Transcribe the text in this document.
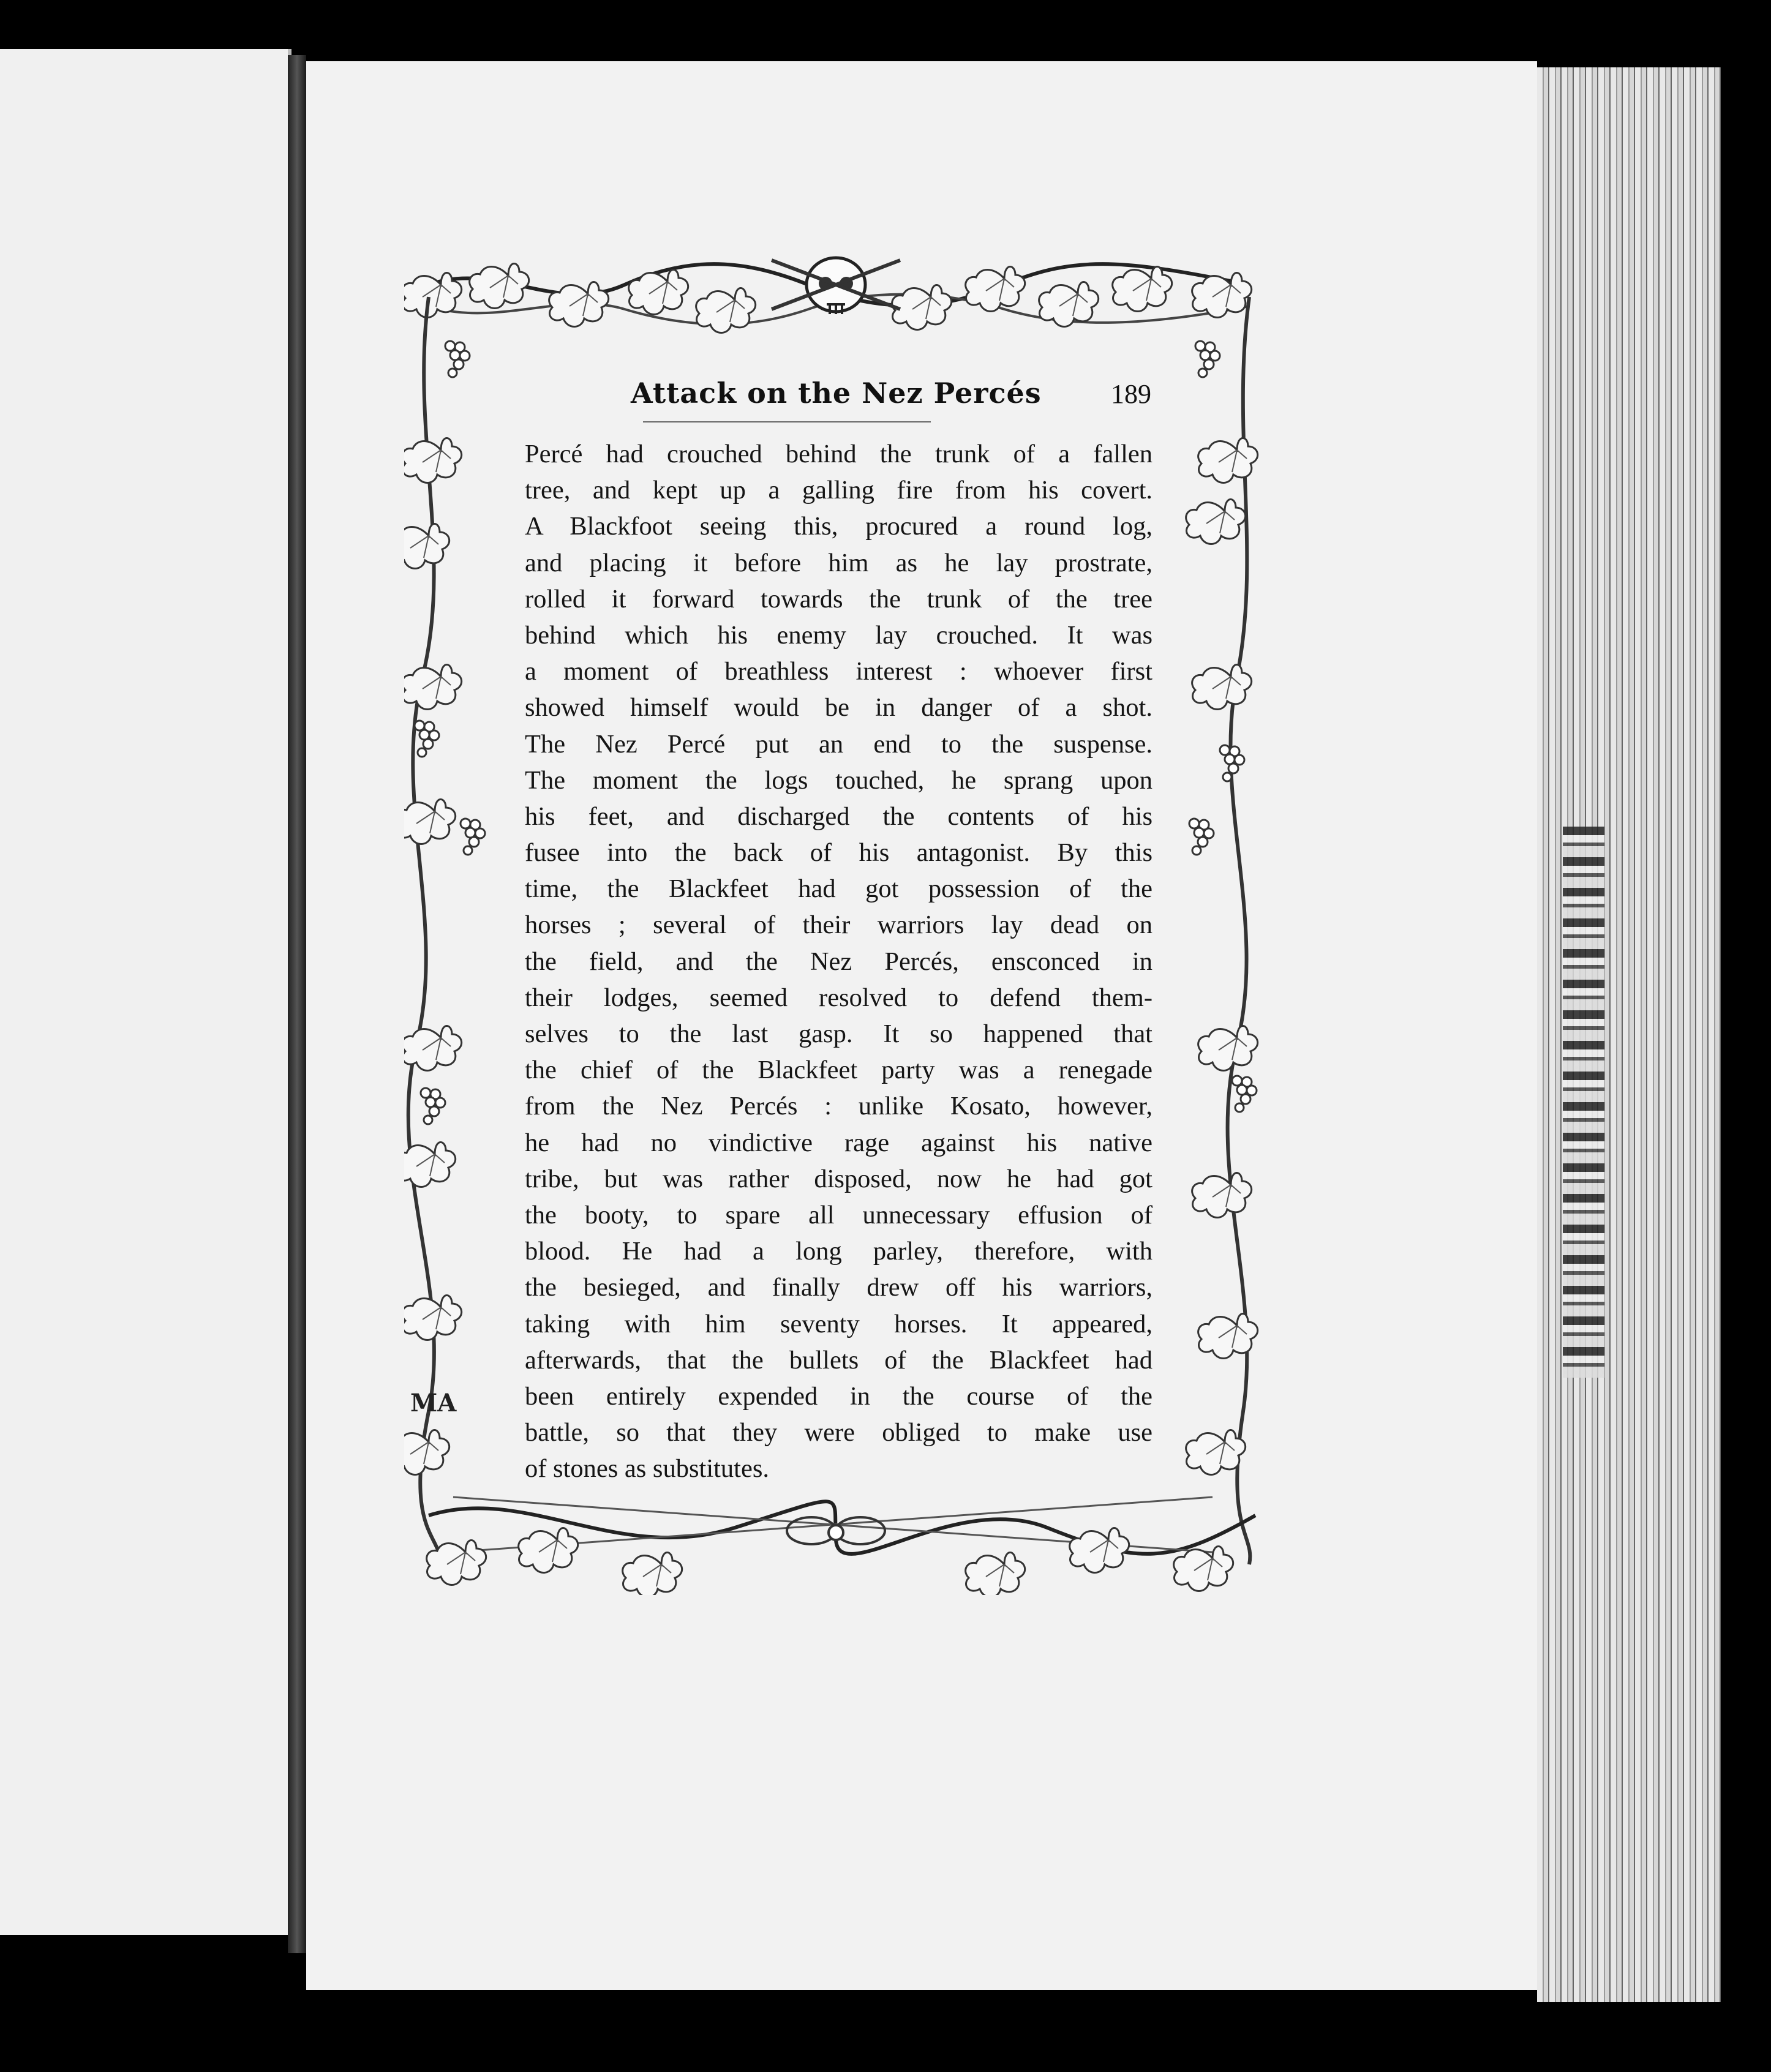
MA
Attack on the Nez Percés	189
Percé had crouched behind the trunk of a fallen
tree, and kept up a galling fire from his covert.
A Blackfoot seeing this, procured a round log,
and placing it before him as he lay prostrate,
rolled it forward towards the trunk of the tree
behind which his enemy lay crouched. It was
a moment of breathless interest : whoever first
showed himself would be in danger of a shot.
The Nez Percé put an end to the suspense.
The moment the logs touched, he sprang upon
his feet, and discharged the contents of his
fusee into the back of his antagonist. By this
time, the Blackfeet had got possession of the
horses ; several of their warriors lay dead on
the field, and the Nez Percés, ensconced in
their lodges, seemed resolved to defend them-
selves to the last gasp. It so happened that
the chief of the Blackfeet party was a renegade
from the Nez Percés : unlike Kosato, however,
he had no vindictive rage against his native
tribe, but was rather disposed, now he had got
the booty, to spare all unnecessary effusion of
blood. He had a long parley, therefore, with
the besieged, and finally drew off his warriors,
taking with him seventy horses. It appeared,
afterwards, that the bullets of the Blackfeet had
been entirely expended in the course of the
battle, so that they were obliged to make use
of stones as substitutes.
